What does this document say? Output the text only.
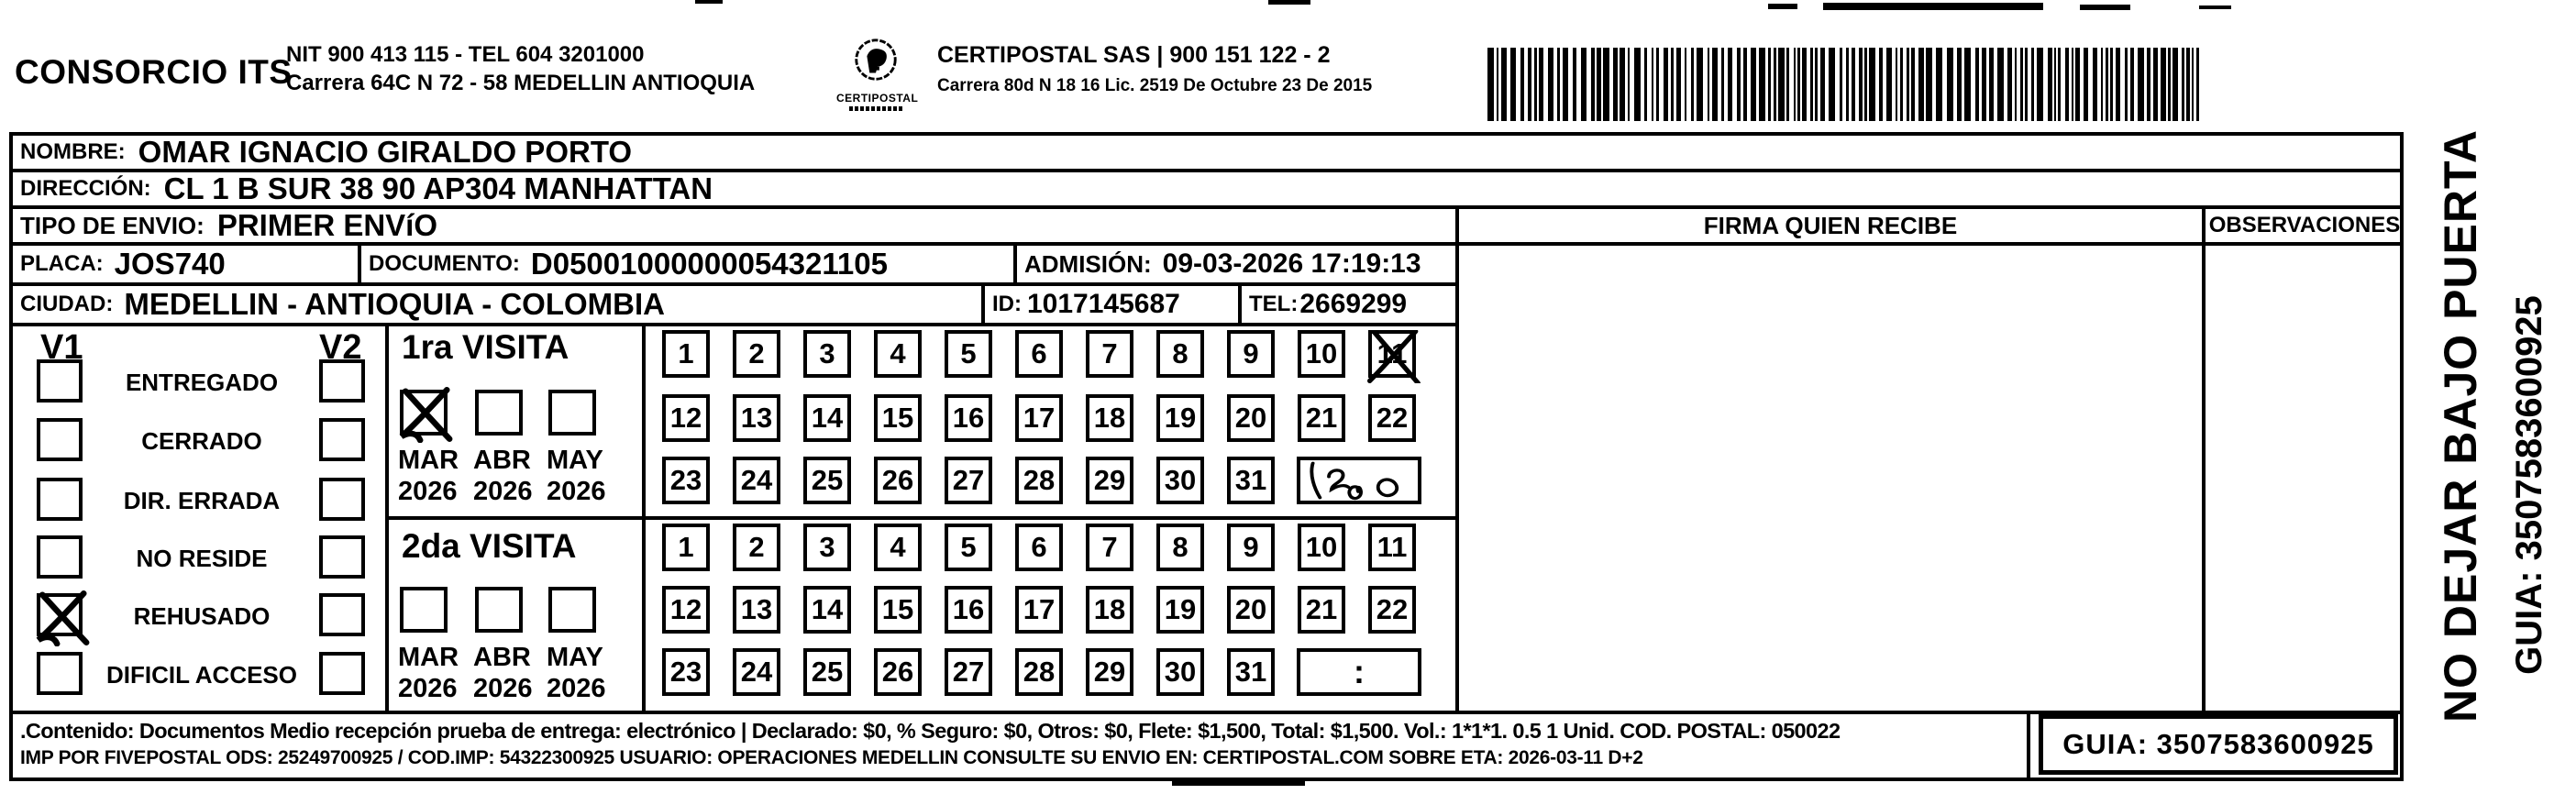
CONSORCIO ITS
NIT 900 413 115 - TEL 604 3201000
Carrera 64C N 72 - 58 MEDELLIN ANTIOQUIA
CERTIPOSTAL
CERTIPOSTAL SAS | 900 151 122 - 2
Carrera 80d N 18 16 Lic. 2519 De Octubre 23 De 2015
NOMBRE: OMAR IGNACIO GIRALDO PORTO
DIRECCIÓN: CL 1 B SUR 38 90 AP304 MANHATTAN
TIPO DE ENVIO: PRIMER ENVíO
PLACA: JOS740	DOCUMENTO: D05001000000054321105	ADMISIÓN: 09-03-2026 17:19:13
CIUDAD: MEDELLIN - ANTIOQUIA - COLOMBIA	ID: 1017145687	TEL: 2669299
FIRMA QUIEN RECIBE	OBSERVACIONES
V1	V2
ENTREGADO
CERRADO
DIR. ERRADA
NO RESIDE
REHUSADO
DIFICIL ACCESO
1ra VISITA
MAR
2026
ABR
2026
MAY
2026
2da VISITA
MAR
2026
ABR
2026
MAY
2026
1	2	3	4	5	6	7	8	9	10	11
12 13 14 15 16 17 18 19 20 21 22
23 24 25 26 27 28 29 30 31
1	2	3	4	5	6	7	8	9	10	11
12 13 14 15 16 17 18 19 20 21 22
23 24 25 26 27 28 29 30 31	:
.Contenido: Documentos Medio recepción prueba de entrega: electrónico | Declarado: $0, % Seguro: $0, Otros: $0, Flete: $1,500, Total: $1,500. Vol.: 1*1*1. 0.5 1 Unid. COD. POSTAL: 050022
IMP POR FIVEPOSTAL ODS: 25249700925 / COD.IMP: 54322300925 USUARIO: OPERACIONES MEDELLIN CONSULTE SU ENVIO EN: CERTIPOSTAL.COM SOBRE ETA: 2026-03-11 D+2	GUIA: 3507583600925
NO DEJAR BAJO PUERTA GUIA: 3507583600925
